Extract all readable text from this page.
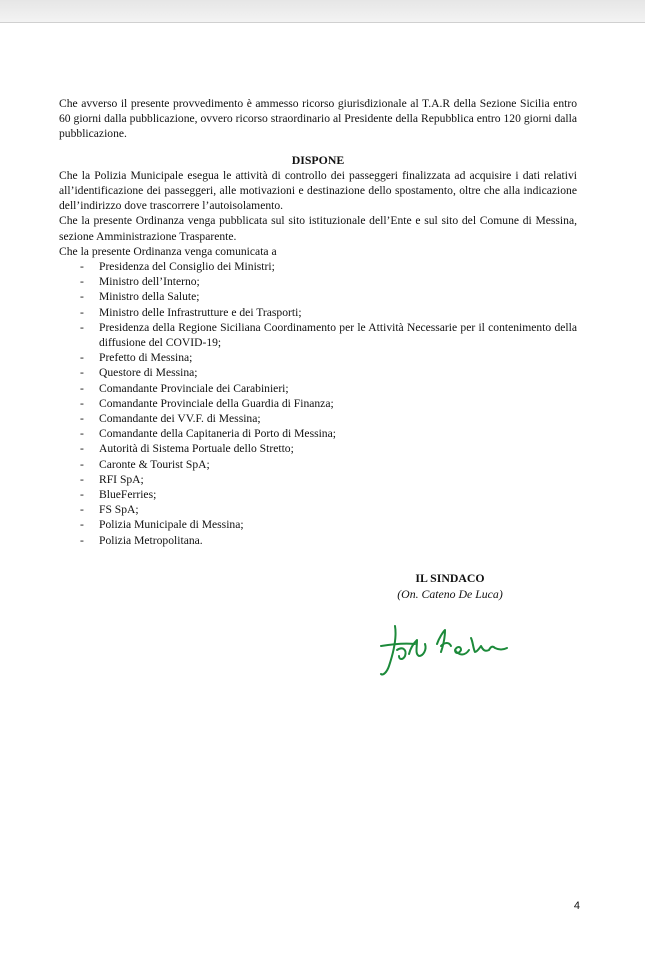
Che avverso il presente provvedimento è ammesso ricorso giurisdizionale al T.A.R della Sezione Sicilia entro 60 giorni dalla pubblicazione, ovvero ricorso straordinario al Presidente della Repubblica entro 120 giorni dalla pubblicazione.

DISPONE

Che la Polizia Municipale esegua le attività di controllo dei passeggeri finalizzata ad acquisire i dati relativi all’identificazione dei passeggeri, alle motivazioni e destinazione dello spostamento, oltre che alla indicazione dell’indirizzo dove trascorrere l’autoisolamento.

Che la presente Ordinanza venga pubblicata sul sito istituzionale dell’Ente e sul sito del Comune di Messina, sezione Amministrazione Trasparente.

Che la presente Ordinanza venga comunicata a

- Presidenza del Consiglio dei Ministri;
- Ministro dell’Interno;
- Ministro della Salute;
- Ministro delle Infrastrutture e dei Trasporti;
- Presidenza della Regione Siciliana Coordinamento per le Attività Necessarie per il contenimento della diffusione del COVID-19;
- Prefetto di Messina;
- Questore di Messina;
- Comandante Provinciale dei Carabinieri;
- Comandante Provinciale della Guardia di Finanza;
- Comandante dei VV.F. di Messina;
- Comandante della Capitaneria di Porto di Messina;
- Autorità di Sistema Portuale dello Stretto;
- Caronte & Tourist SpA;
- RFI SpA;
- BlueFerries;
- FS SpA;
- Polizia Municipale di Messina;
- Polizia Metropolitana.
IL SINDACO
(On. Cateno De Luca)
4
